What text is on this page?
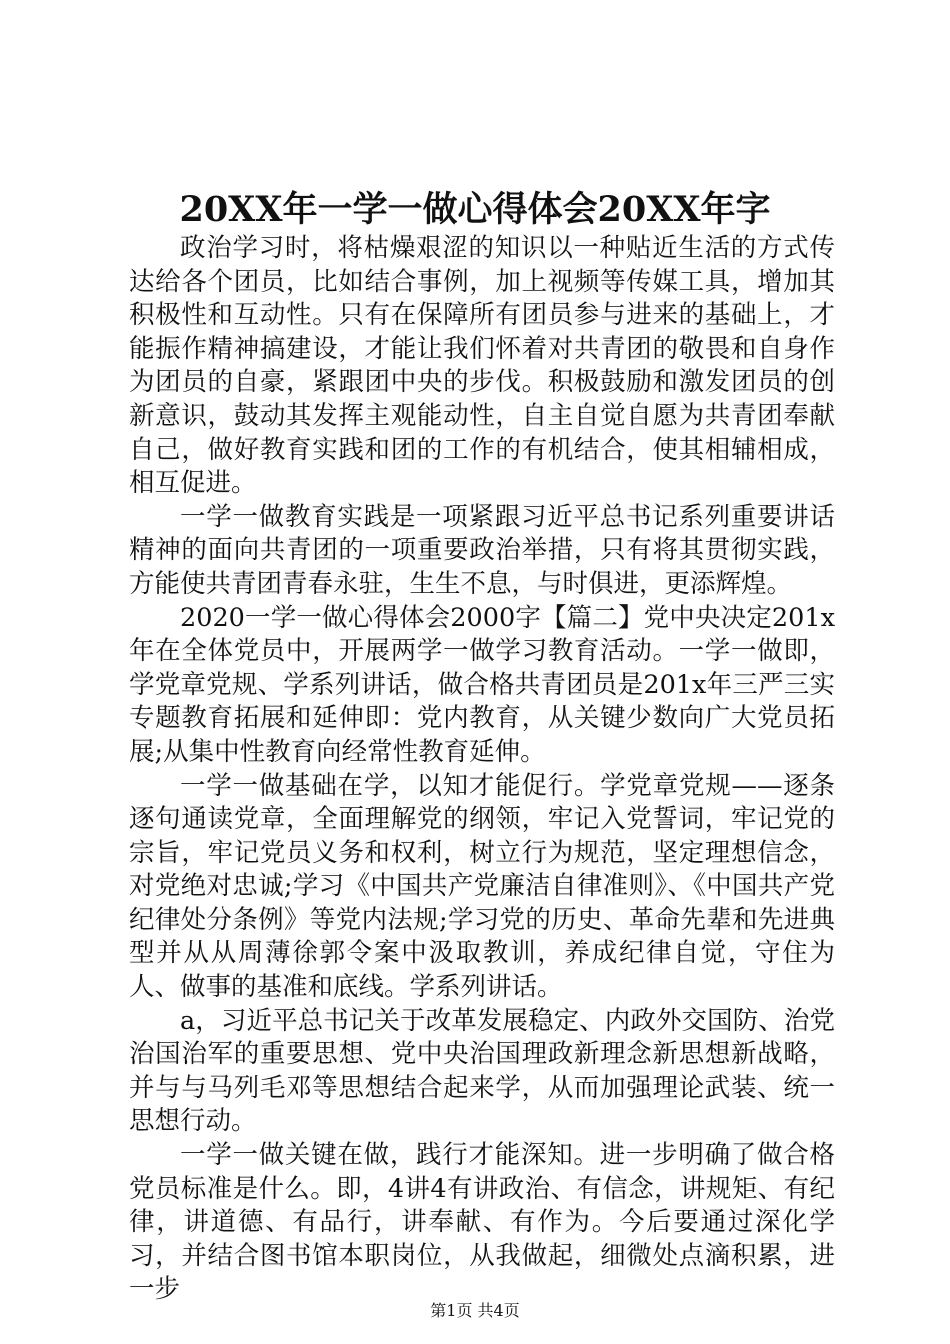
20XX年一学一做心得体会20XX年字

政治学习时，将枯燥艰涩的知识以一种贴近生活的方式传达给各个团员，比如结合事例，加上视频等传媒工具，增加其积极性和互动性。只有在保障所有团员参与进来的基础上，才能振作精神搞建设，才能让我们怀着对共青团的敬畏和自身作为团员的自豪，紧跟团中央的步伐。积极鼓励和激发团员的创新意识，鼓动其发挥主观能动性，自主自觉自愿为共青团奉献自己，做好教育实践和团的工作的有机结合，使其相辅相成，相互促进。

一学一做教育实践是一项紧跟习近平总书记系列重要讲话精神的面向共青团的一项重要政治举措，只有将其贯彻实践，方能使共青团青春永驻，生生不息，与时俱进，更添辉煌。

2020一学一做心得体会2000字【篇二】党中央决定201x年在全体党员中，开展两学一做学习教育活动。一学一做即，学党章党规、学系列讲话，做合格共青团员是201x年三严三实专题教育拓展和延伸即：党内教育，从关键少数向广大党员拓展;从集中性教育向经常性教育延伸。

一学一做基础在学，以知才能促行。学党章党规——逐条逐句通读党章，全面理解党的纲领，牢记入党誓词，牢记党的宗旨，牢记党员义务和权利，树立行为规范，坚定理想信念，对党绝对忠诚;学习《中国共产党廉洁自律准则》、《中国共产党纪律处分条例》等党内法规;学习党的历史、革命先辈和先进典型并从从周薄徐郭令案中汲取教训，养成纪律自觉，守住为人、做事的基准和底线。学系列讲话。

a，习近平总书记关于改革发展稳定、内政外交国防、治党治国治军的重要思想、党中央治国理政新理念新思想新战略，并与与马列毛邓等思想结合起来学，从而加强理论武装、统一思想行动。

一学一做关键在做，践行才能深知。进一步明确了做合格党员标准是什么。即，4讲4有讲政治、有信念，讲规矩、有纪律，讲道德、有品行，讲奉献、有作为。今后要通过深化学习，并结合图书馆本职岗位，从我做起，细微处点滴积累，进一步

第1页 共4页
